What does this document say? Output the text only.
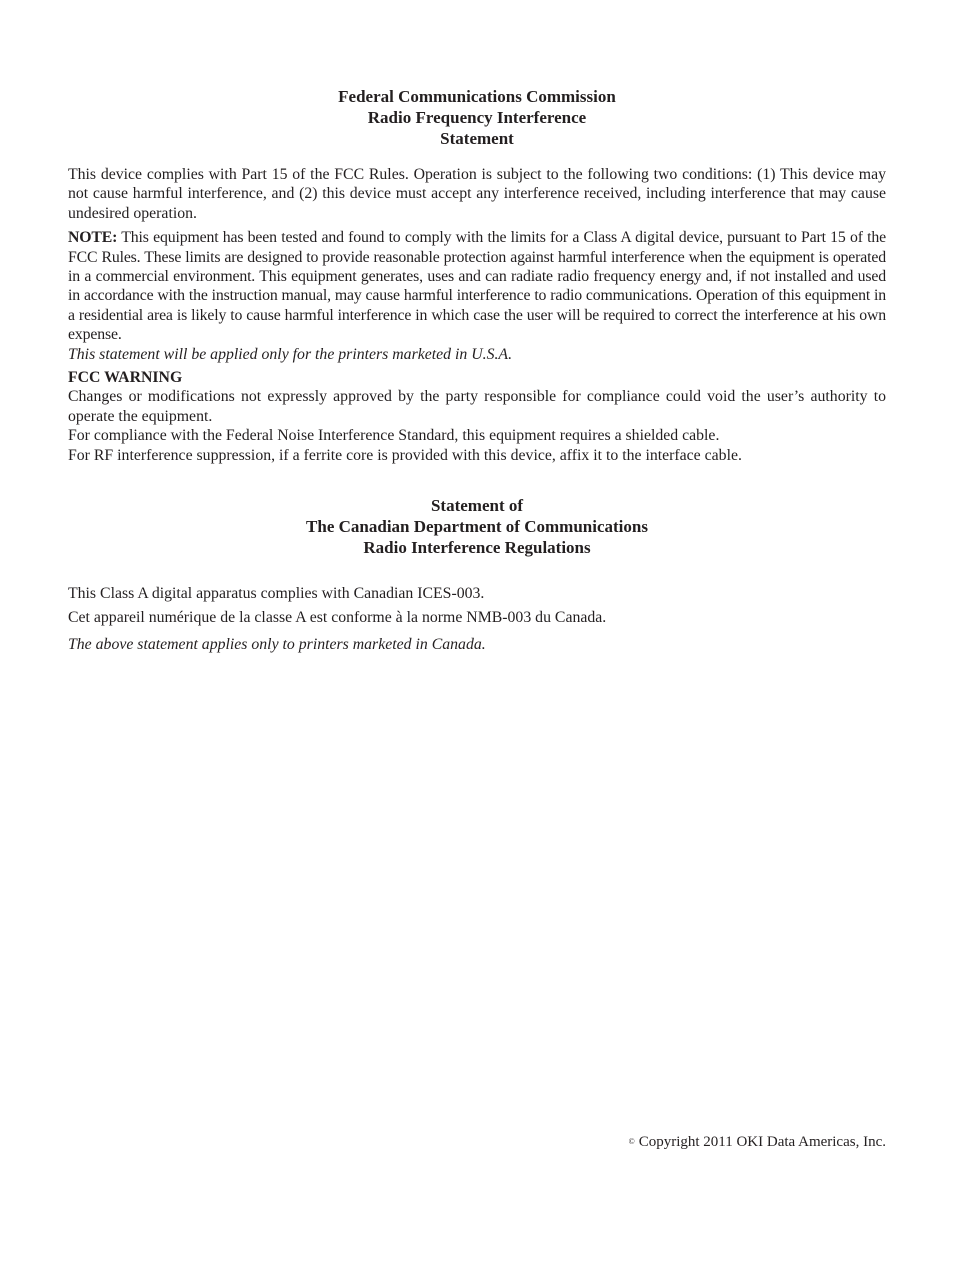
Federal Communications Commission
Radio Frequency Interference
Statement

This device complies with Part 15 of the FCC Rules. Operation is subject to the following two conditions: (1) This device may not cause harmful interference, and (2) this device must accept any interference received, including interference that may cause undesired operation.

NOTE: This equipment has been tested and found to comply with the limits for a Class A digital device, pursuant to Part 15 of the FCC Rules. These limits are designed to provide reasonable protection against harmful interference when the equipment is operated in a commercial environment. This equipment generates, uses and can radiate radio frequency energy and, if not installed and used in accordance with the instruction manual, may cause harmful interference to radio communications. Operation of this equipment in a residential area is likely to cause harmful interference in which case the user will be required to correct the interference at his own expense.

This statement will be applied only for the printers marketed in U.S.A.

FCC WARNING

Changes or modifications not expressly approved by the party responsible for compliance could void the user’s authority to operate the equipment.

For compliance with the Federal Noise Interference Standard, this equipment requires a shielded cable.

For RF interference suppression, if a ferrite core is provided with this device, affix it to the interface cable.

Statement of
The Canadian Department of Communications
Radio Interference Regulations

This Class A digital apparatus complies with Canadian ICES-003.

Cet appareil numérique de la classe A est conforme à la norme NMB-003 du Canada.

The above statement applies only to printers marketed in Canada.

© Copyright 2011 OKI Data Americas, Inc.
